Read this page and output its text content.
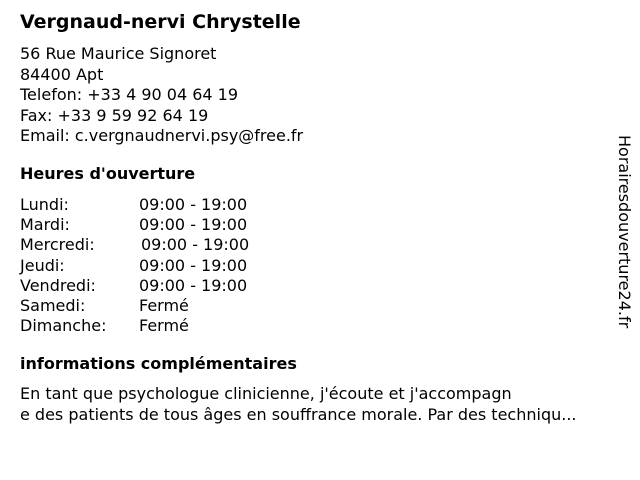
Vergnaud-nervi Chrystelle
56 Rue Maurice Signoret
84400 Apt
Telefon: +33 4 90 04 64 19
Fax: +33 9 59 92 64 19
Email: c.vergnaudnervi.psy@free.fr
Heures d'ouverture
Lundi:	09:00 - 19:00
Mardi:	09:00 - 19:00
Mercredi:	09:00 - 19:00
Jeudi:	09:00 - 19:00
Vendredi:	09:00 - 19:00
Samedi:	Fermé
Dimanche: Fermé
informations complémentaires
En tant que psychologue clinicienne, j'écoute et j'accompagn
e des patients de tous âges en souffrance morale. Par des techniqu...
Horairesdouverture24.fr
